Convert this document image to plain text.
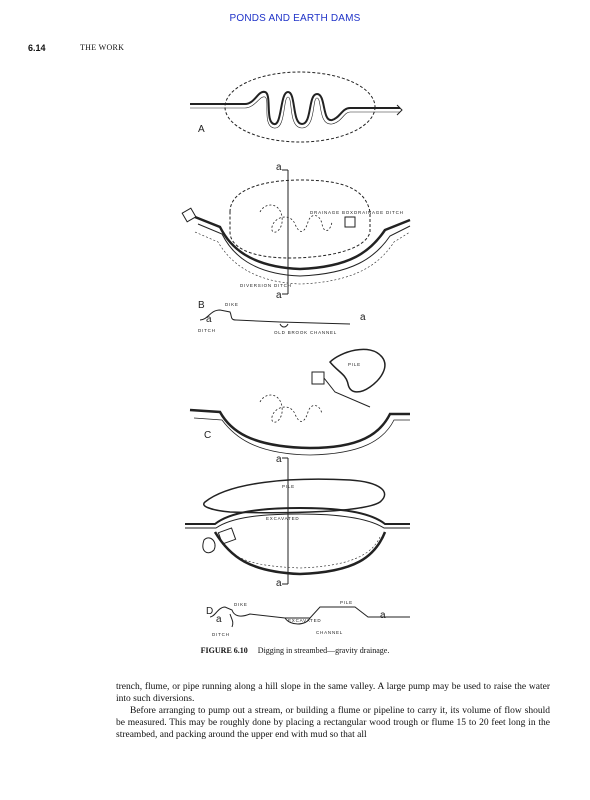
PONDS AND EARTH DAMS
6.14	THE WORK
A
B
C
D
a
a
a	a
a
a
a	a
DRAINAGE BOX DRAINAGE DITCH
DIVERSION DITCH
DIKE
DITCH	OLD BROOK CHANNEL
PILE
PILE
EXCAVATED
DIKE
DITCH
EXCAVATED
PILE
CHANNEL
FIGURE 6.10 Digging in streambed—gravity drainage.

trench, flume, or pipe running along a hill slope in the same valley. A large pump may be used to raise the water into such diversions.

Before arranging to pump out a stream, or building a flume or pipeline to carry it, its volume of flow should be measured. This may be roughly done by placing a rectangular wood trough or flume 15 to 20 feet long in the streambed, and packing around the upper end with mud so that all
